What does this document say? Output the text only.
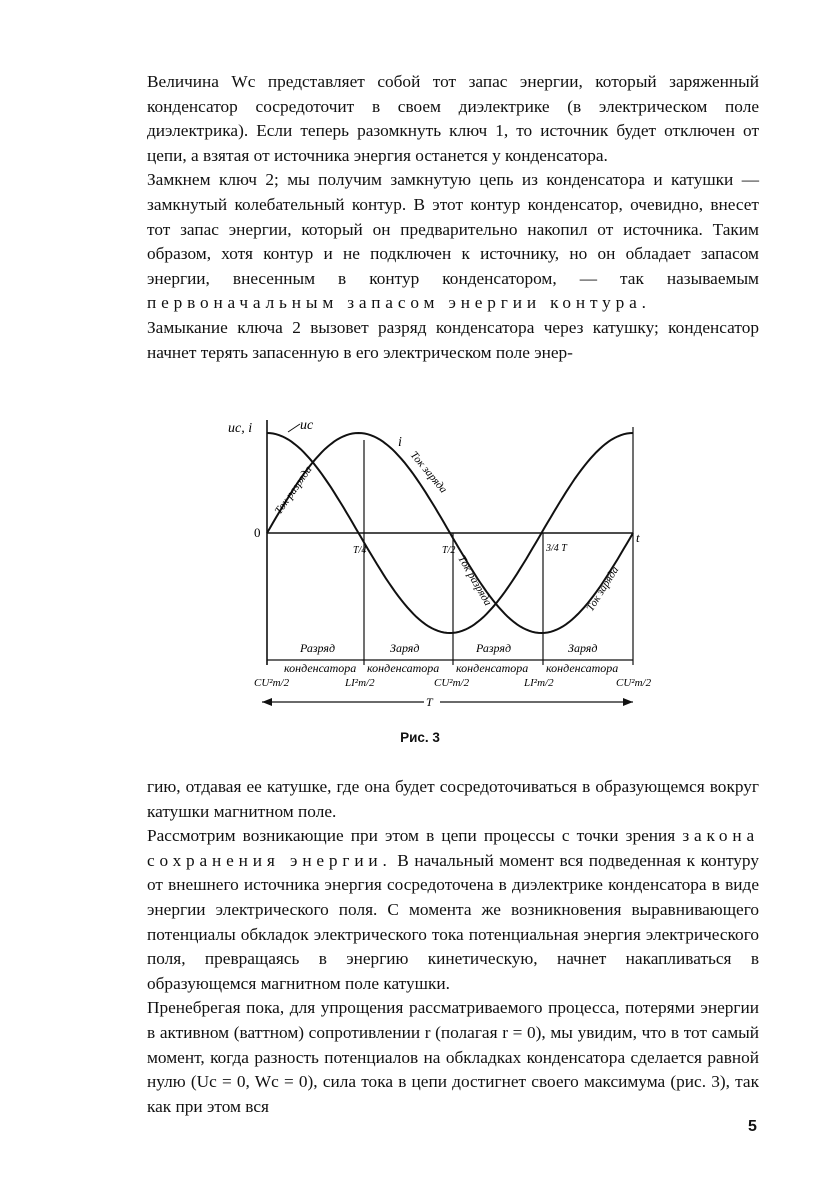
Величина Wc представляет собой тот запас энергии, который заряженный конденсатор сосредоточит в своем диэлектрике (в электрическом поле диэлектрика). Если теперь разомкнуть ключ 1, то источник будет отключен от цепи, а взятая от источника энергия останется у конденсатора.

Замкнем ключ 2; мы получим замкнутую цепь из конденсатора и катушки — замкнутый колебательный контур. В этот контур конденсатор, очевидно, внесет тот запас энергии, который он предварительно накопил от источника. Таким образом, хотя контур и не подключен к источнику, но он обладает запасом энергии, внесенным в контур конденсатором, — так называемым первоначальным запасом энергии контура.

Замыкание ключа 2 вызовет разряд конденсатора через катушку; конденсатор начнет терять запасенную в его электрическом поле энер-

uc, i	uc
i
0	t
T/4	T/2	3/4 T
Ток разряда	Ток заряда
Ток разряда	Ток заряда
Разряд	Заряд	Разряд	Заряд
конденсатора конденсатора конденсатора конденсатора
CU²m/2	LI²m/2	CU²m/2	LI²m/2	CU²m/2
T
Рис. 3

гию, отдавая ее катушке, где она будет сосредоточиваться в образующемся вокруг катушки магнитном поле.

Рассмотрим возникающие при этом в цепи процессы с точки зрения закона сохранения энергии. В начальный момент вся подведенная к контуру от внешнего источника энергия сосредоточена в диэлектрике конденсатора в виде энергии электрического поля. С момента же возникновения выравнивающего потенциалы обкладок электрического тока потенциальная энергия электрического поля, превращаясь в энергию кинетическую, начнет накапливаться в образующемся магнитном поле катушки.

Пренебрегая пока, для упрощения рассматриваемого процесса, потерями энергии в активном (ваттном) сопротивлении r (полагая r = 0), мы увидим, что в тот самый момент, когда разность потенциалов на обкладках конденсатора сделается равной нулю (Uc = 0, Wc = 0), сила тока в цепи достигнет своего максимума (рис. 3), так как при этом вся

5
